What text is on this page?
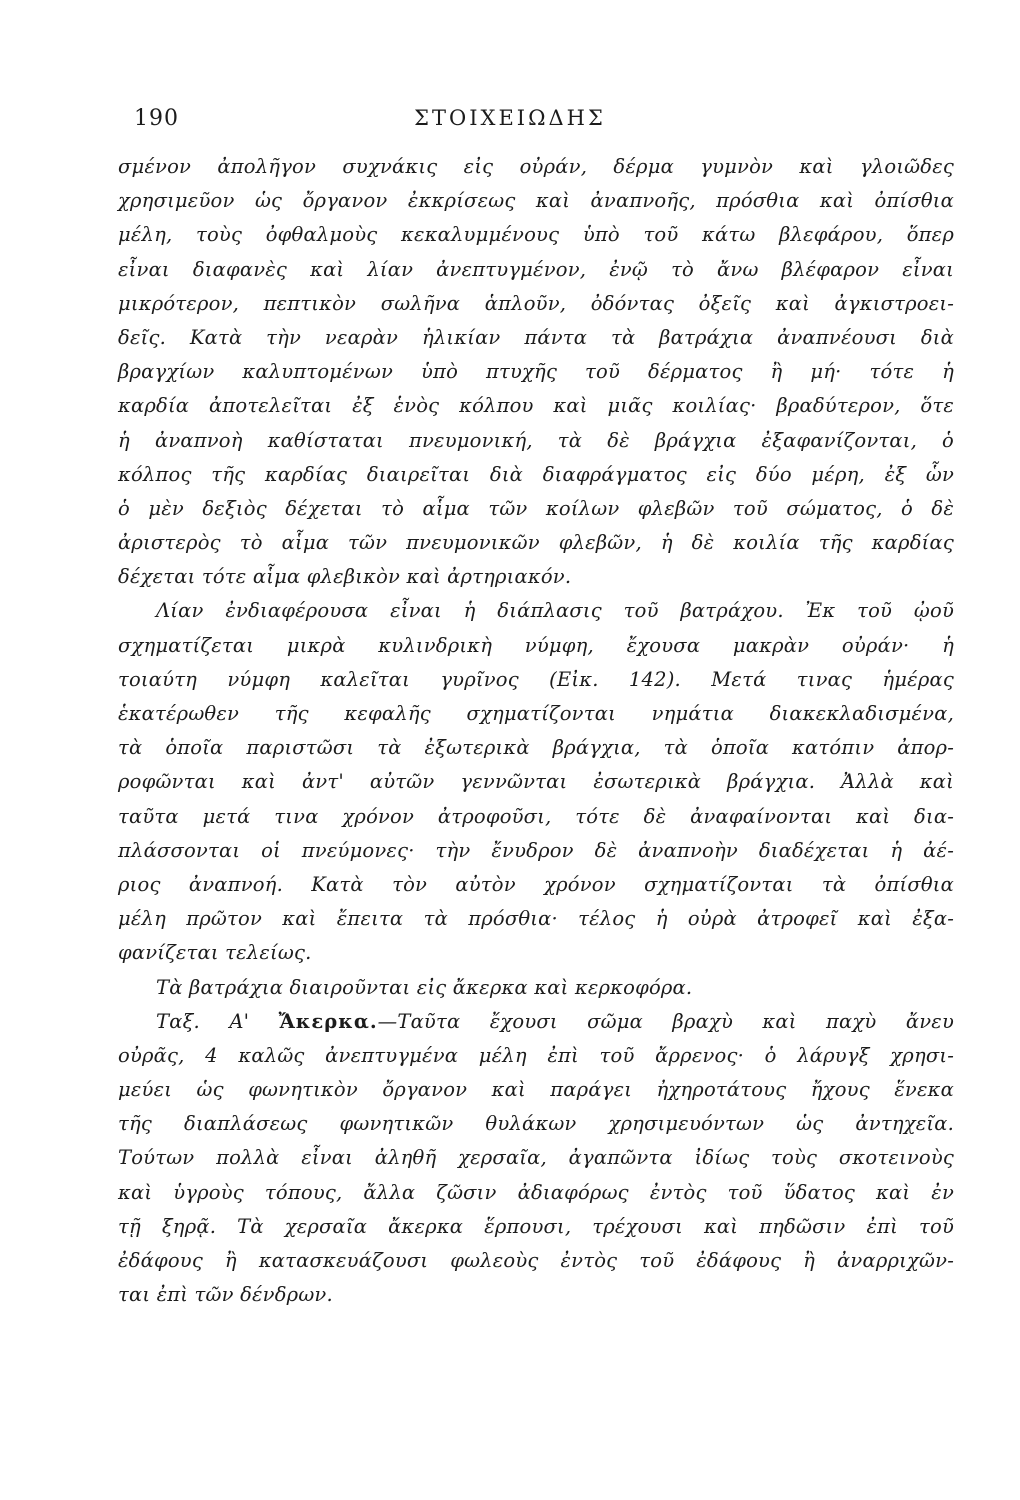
190	ΣΤΟΙΧΕΙΩΔΗΣ
σμένον ἀπολῆγον συχνάκις εἰς οὐράν, δέρμα γυμνὸν καὶ γλοιῶδες
χρησιμεῦον ὡς ὄργανον ἐκκρίσεως καὶ ἀναπνοῆς, πρόσθια καὶ ὀπίσθια
μέλη, τοὺς ὀφθαλμοὺς κεκαλυμμένους ὑπὸ τοῦ κάτω βλεφάρου, ὅπερ
εἶναι διαφανὲς καὶ λίαν ἀνεπτυγμένον, ἐνῷ τὸ ἄνω βλέφαρον εἶναι
μικρότερον, πεπτικὸν σωλῆνα ἁπλοῦν, ὀδόντας ὀξεῖς καὶ ἀγκιστροει-
δεῖς. Κατὰ τὴν νεαρὰν ἡλικίαν πάντα τὰ βατράχια ἀναπνέουσι διὰ
βραγχίων καλυπτομένων ὑπὸ πτυχῆς τοῦ δέρματος ἢ μή· τότε ἡ
καρδία ἀποτελεῖται ἐξ ἑνὸς κόλπου καὶ μιᾶς κοιλίας· βραδύτερον, ὅτε
ἡ ἀναπνοὴ καθίσταται πνευμονική, τὰ δὲ βράγχια ἐξαφανίζονται, ὁ
κόλπος τῆς καρδίας διαιρεῖται διὰ διαφράγματος εἰς δύο μέρη, ἐξ ὧν
ὁ μὲν δεξιὸς δέχεται τὸ αἷμα τῶν κοίλων φλεβῶν τοῦ σώματος, ὁ δὲ
ἀριστερὸς τὸ αἷμα τῶν πνευμονικῶν φλεβῶν, ἡ δὲ κοιλία τῆς καρδίας
δέχεται τότε αἷμα φλεβικὸν καὶ ἀρτηριακόν.
Λίαν ἐνδιαφέρουσα εἶναι ἡ διάπλασις τοῦ βατράχου. Ἐκ τοῦ ᾠοῦ
σχηματίζεται μικρὰ κυλινδρικὴ νύμφη, ἔχουσα μακρὰν οὐράν· ἡ
τοιαύτη νύμφη καλεῖται γυρῖνος (Εἰκ. 142). Μετά τινας ἡμέρας
ἑκατέρωθεν τῆς κεφαλῆς σχηματίζονται νημάτια διακεκλαδισμένα,
τὰ ὁποῖα παριστῶσι τὰ ἐξωτερικὰ βράγχια, τὰ ὁποῖα κατόπιν ἀπορ-
ροφῶνται καὶ ἀντ' αὐτῶν γεννῶνται ἐσωτερικὰ βράγχια. Ἀλλὰ καὶ
ταῦτα μετά τινα χρόνον ἀτροφοῦσι, τότε δὲ ἀναφαίνονται καὶ δια-
πλάσσονται οἱ πνεύμονες· τὴν ἔνυδρον δὲ ἀναπνοὴν διαδέχεται ἡ ἀέ-
ριος ἀναπνοή. Κατὰ τὸν αὐτὸν χρόνον σχηματίζονται τὰ ὀπίσθια
μέλη πρῶτον καὶ ἔπειτα τὰ πρόσθια· τέλος ἡ οὐρὰ ἀτροφεῖ καὶ ἐξα-
φανίζεται τελείως.
Τὰ βατράχια διαιροῦνται εἰς ἄκερκα καὶ κερκοφόρα.
Ταξ. Α' Ἄκερκα.—Ταῦτα ἔχουσι σῶμα βραχὺ καὶ παχὺ ἄνευ
οὐρᾶς, 4 καλῶς ἀνεπτυγμένα μέλη ἐπὶ τοῦ ἄρρενος· ὁ λάρυγξ χρησι-
μεύει ὡς φωνητικὸν ὄργανον καὶ παράγει ἠχηροτάτους ἤχους ἕνεκα
τῆς διαπλάσεως φωνητικῶν θυλάκων χρησιμευόντων ὡς ἀντηχεῖα.
Τούτων πολλὰ εἶναι ἀληθῆ χερσαῖα, ἀγαπῶντα ἰδίως τοὺς σκοτεινοὺς
καὶ ὑγροὺς τόπους, ἄλλα ζῶσιν ἀδιαφόρως ἐντὸς τοῦ ὕδατος καὶ ἐν
τῇ ξηρᾷ. Τὰ χερσαῖα ἄκερκα ἕρπουσι, τρέχουσι καὶ πηδῶσιν ἐπὶ τοῦ
ἐδάφους ἢ κατασκευάζουσι φωλεοὺς ἐντὸς τοῦ ἐδάφους ἢ ἀναρριχῶν-
ται ἐπὶ τῶν δένδρων.
